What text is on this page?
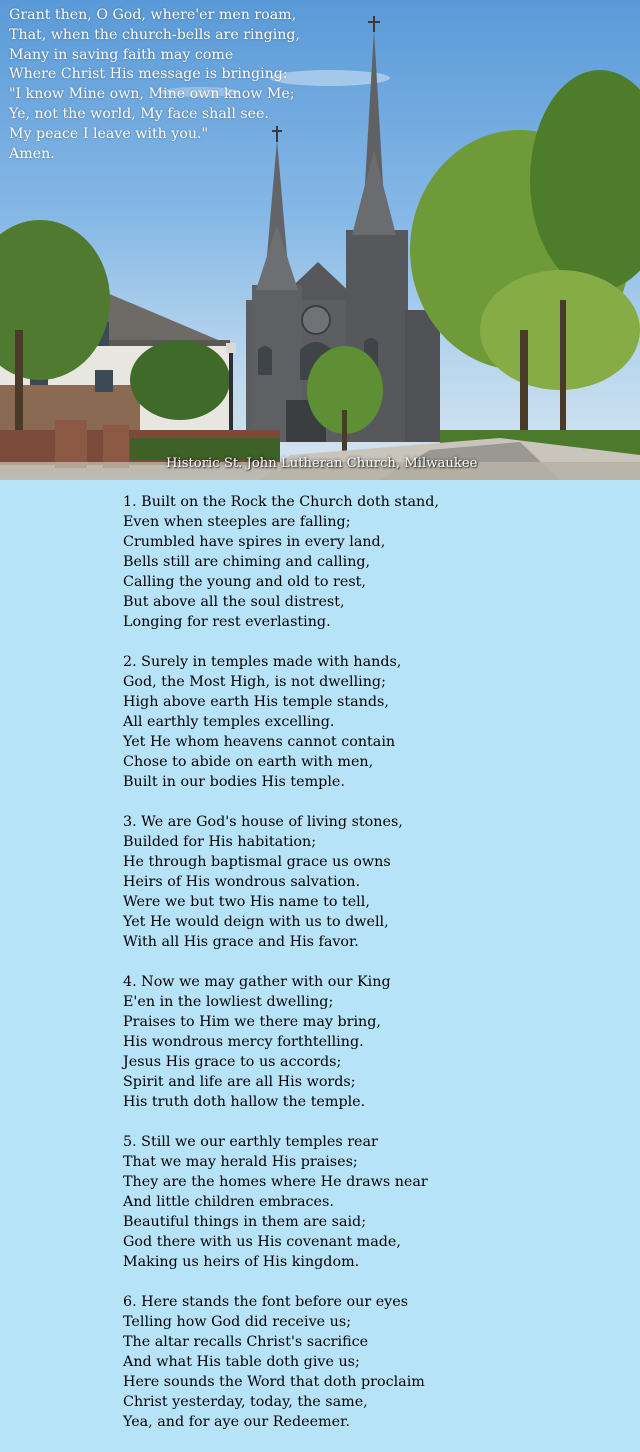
Grant then, O God, where'er men roam,
That, when the church-bells are ringing,
Many in saving faith may come
Where Christ His message is bringing:
"I know Mine own, Mine own know Me;
Ye, not the world, My face shall see.
My peace I leave with you."
Amen.
Historic St. John Lutheran Church, Milwaukee
1. Built on the Rock the Church doth stand,
Even when steeples are falling;
Crumbled have spires in every land,
Bells still are chiming and calling,
Calling the young and old to rest,
But above all the soul distrest,
Longing for rest everlasting.
2. Surely in temples made with hands,
God, the Most High, is not dwelling;
High above earth His temple stands,
All earthly temples excelling.
Yet He whom heavens cannot contain
Chose to abide on earth with men,
Built in our bodies His temple.
3. We are God's house of living stones,
Builded for His habitation;
He through baptismal grace us owns
Heirs of His wondrous salvation.
Were we but two His name to tell,
Yet He would deign with us to dwell,
With all His grace and His favor.
4. Now we may gather with our King
E'en in the lowliest dwelling;
Praises to Him we there may bring,
His wondrous mercy forthtelling.
Jesus His grace to us accords;
Spirit and life are all His words;
His truth doth hallow the temple.
5. Still we our earthly temples rear
That we may herald His praises;
They are the homes where He draws near
And little children embraces.
Beautiful things in them are said;
God there with us His covenant made,
Making us heirs of His kingdom.
6. Here stands the font before our eyes
Telling how God did receive us;
The altar recalls Christ's sacrifice
And what His table doth give us;
Here sounds the Word that doth proclaim
Christ yesterday, today, the same,
Yea, and for aye our Redeemer.
